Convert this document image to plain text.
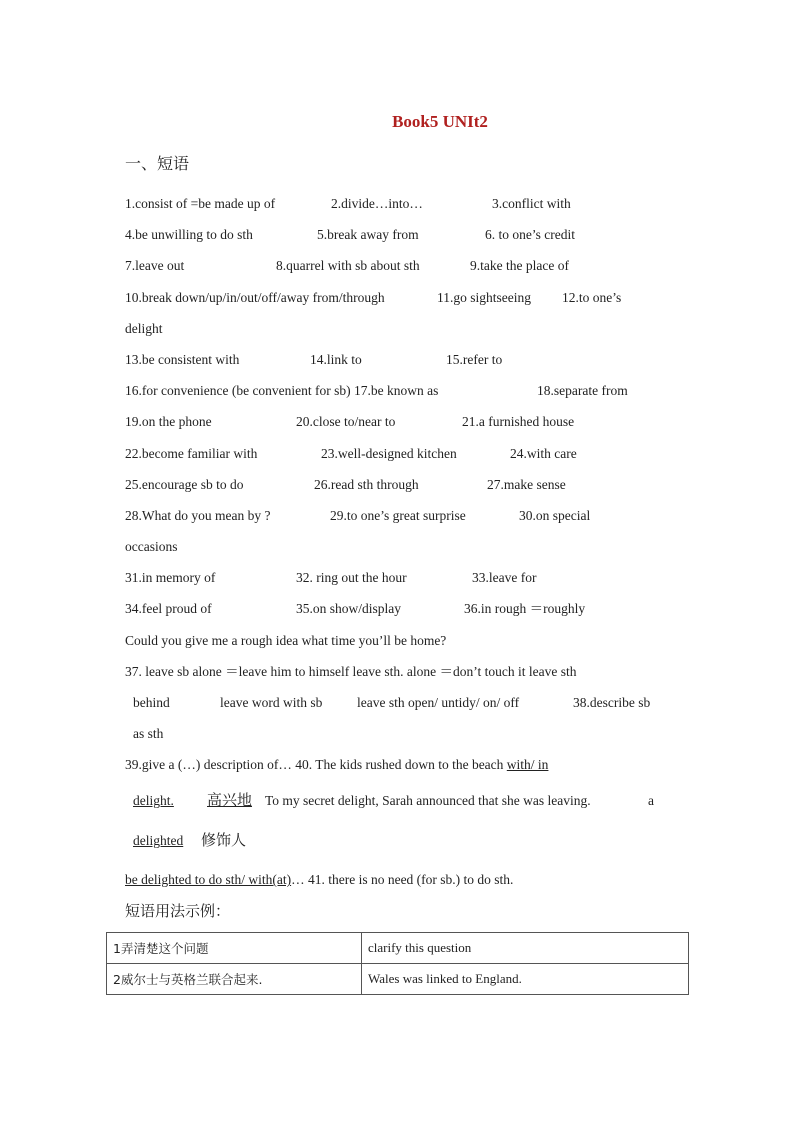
Book5 UNIt2
一、短语
1.consist of =be made up of	2.divide…into…	3.conflict with
4.be unwilling to do sth	5.break away from	6. to one’s credit
7.leave out	8.quarrel with sb about sth	9.take the place of
10.break down/up/in/out/off/away from/through	11.go sightseeing 12.to one’s
delight
13.be consistent with	14.link to	15.refer to
16.for convenience (be convenient for sb) 17.be known as	18.separate from
19.on the phone	20.close to/near to	21.a furnished house
22.become familiar with	23.well-designed kitchen	24.with care
25.encourage sb to do	26.read sth through	27.make sense
28.What do you mean by ?	29.to one’s great surprise	30.on special
occasions
31.in memory of	32. ring out the hour	33.leave for
34.feel proud of	35.on show/display	36.in rough ＝roughly
Could you give me a rough idea what time you’ll be home?
37. leave sb alone ＝leave him to himself leave sth. alone ＝don’t touch it leave sth
behind	leave word with sb	leave sth open/ untidy/ on/ off	38.describe sb
as sth
39.give a (…) description of… 40. The kids rushed down to the beach with/ in
delight. 高兴地 To my secret delight, Sarah announced that she was leaving.	a
delighted 修饰人
be delighted to do sth/ with(at)… 41. there is no need (for sb.) to do sth.
短语用法示例：
1弄清楚这个问题	clarify this question
2威尔士与英格兰联合起来.	Wales was linked to England.
